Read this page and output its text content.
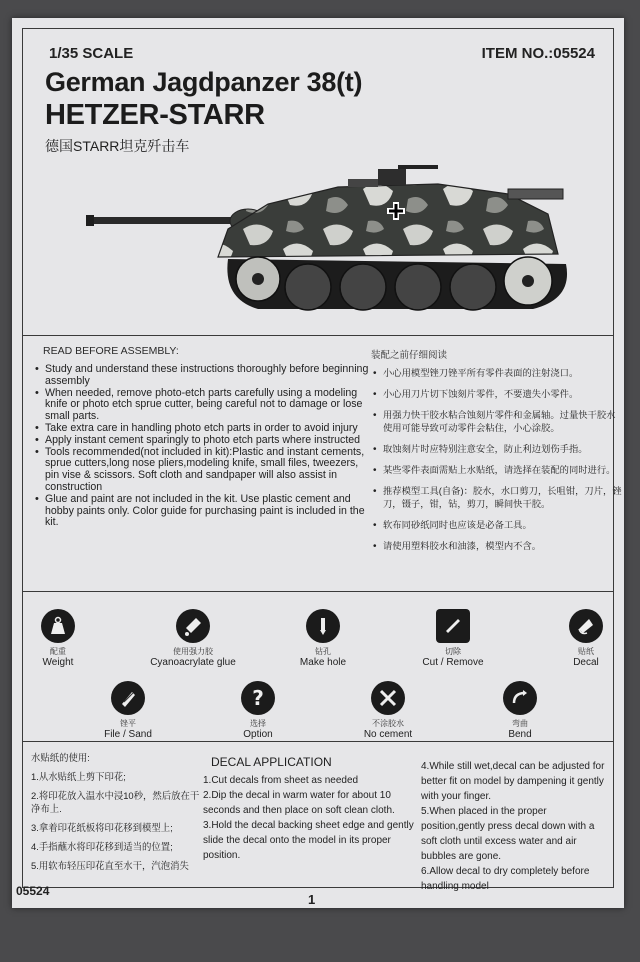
1/35 SCALE	ITEM NO.:05524
German Jagdpanzer 38(t)
HETZER-STARR
德国STARR坦克歼击车
READ BEFORE ASSEMBLY:
• Study and understand these instructions thoroughly before beginning assembly
• When needed, remove photo-etch parts carefully using a modeling knife or photo etch sprue cutter, being careful not to damage or lose small parts.
• Take extra care in handling photo etch parts in order to avoid injury
• Apply instant cement sparingly to photo etch parts where instructed
• Tools recommended(not included in kit):Plastic and instant cements, sprue cutters,long nose pliers,modeling knife, small files, tweezers, pin vise & scissors. Soft cloth and sandpaper will also assist in construction
• Glue and paint are not included in the kit. Use plastic cement and hobby paints only. Color guide for purchasing paint is included in the kit.
装配之前仔细阅读
• 小心用模型锉刀锉平所有零件表面的注射浇口。
• 小心用刀片切下蚀刻片零件，不要遗失小零件。
• 用强力快干胶水粘合蚀刻片零件和金属轴。过量快干胶水使用可能导致可动零件会粘住，小心涂胶。
• 取蚀刻片时应特别注意安全，防止利边划伤手指。
• 某些零件表面需贴上水贴纸，请选择在装配的同时进行。
• 推荐模型工具(自备)：胶水，水口剪刀，长咀钳，刀片，锉刀，镊子，钳，钻，剪刀，瞬间快干胶。
• 软布同砂纸同时也应该是必备工具。
• 请使用塑料胶水和油漆，模型内不含。
配重
Weight
使用强力胶
Cyanoacrylate glue
钻孔
Make hole
切除
Cut / Remove
贴纸
Decal
锉平
File / Sand
?
选择
Option
不涂胶水
No cement
弯曲
Bend
水贴纸的使用:
1.从水贴纸上剪下印花;
2.将印花放入温水中浸10秒，然后放在干净布上.
3.拿着印花纸板将印花移到模型上;
4.手指蘸水将印花移到适当的位置;
5.用软布轻压印花直至水干，汽泡消失
DECAL APPLICATION
1.Cut decals from sheet as needed
2.Dip the decal in warm water for about 10 seconds and then place on soft clean cloth.
3.Hold the decal backing sheet edge and gently slide the decal onto the model in its proper position.
4.While still wet,decal can be adjusted for better fit on model by dampening it gently with your finger.
5.When placed in the proper position,gently press decal down with a soft cloth until excess water and air bubbles are gone.
6.Allow decal to dry completely before handling model
05524
1
